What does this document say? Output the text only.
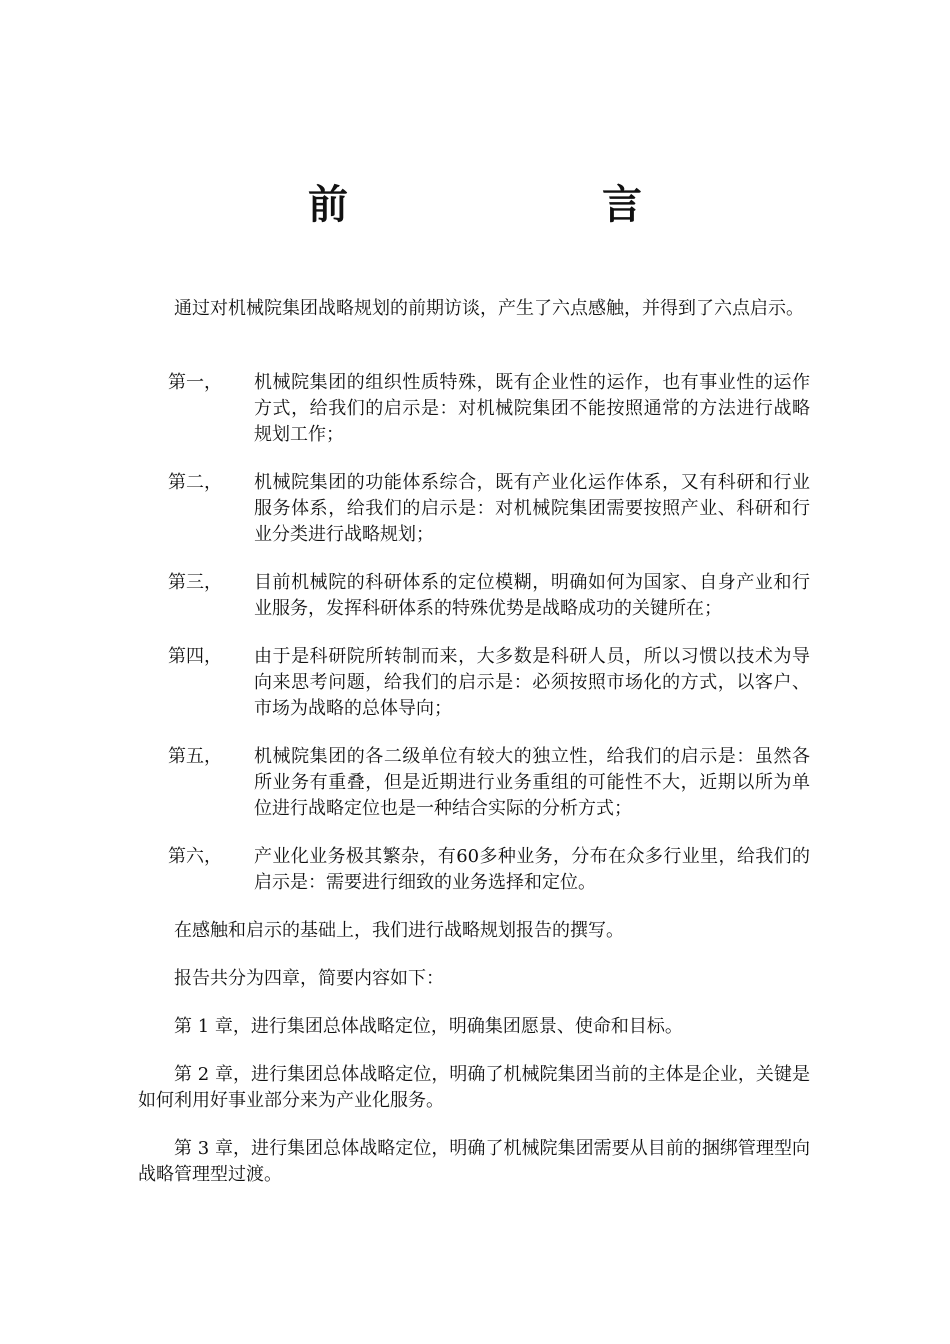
前　　言

通过对机械院集团战略规划的前期访谈，产生了六点感触，并得到了六点启示。

第一，	机械院集团的组织性质特殊，既有企业性的运作，也有事业性的运作方式，给我们的启示是：对机械院集团不能按照通常的方法进行战略规划工作；
第二，	机械院集团的功能体系综合，既有产业化运作体系，又有科研和行业服务体系，给我们的启示是：对机械院集团需要按照产业、科研和行业分类进行战略规划；
第三，	目前机械院的科研体系的定位模糊，明确如何为国家、自身产业和行业服务，发挥科研体系的特殊优势是战略成功的关键所在；
第四，	由于是科研院所转制而来，大多数是科研人员，所以习惯以技术为导向来思考问题，给我们的启示是：必须按照市场化的方式，以客户、市场为战略的总体导向；
第五，	机械院集团的各二级单位有较大的独立性，给我们的启示是：虽然各所业务有重叠，但是近期进行业务重组的可能性不大，近期以所为单位进行战略定位也是一种结合实际的分析方式；
第六，	产业化业务极其繁杂，有60多种业务，分布在众多行业里，给我们的启示是：需要进行细致的业务选择和定位。

在感触和启示的基础上，我们进行战略规划报告的撰写。

报告共分为四章，简要内容如下：

第 1 章，进行集团总体战略定位，明确集团愿景、使命和目标。

第 2 章，进行集团总体战略定位，明确了机械院集团当前的主体是企业，关键是如何利用好事业部分来为产业化服务。

第 3 章，进行集团总体战略定位，明确了机械院集团需要从目前的捆绑管理型向战略管理型过渡。
